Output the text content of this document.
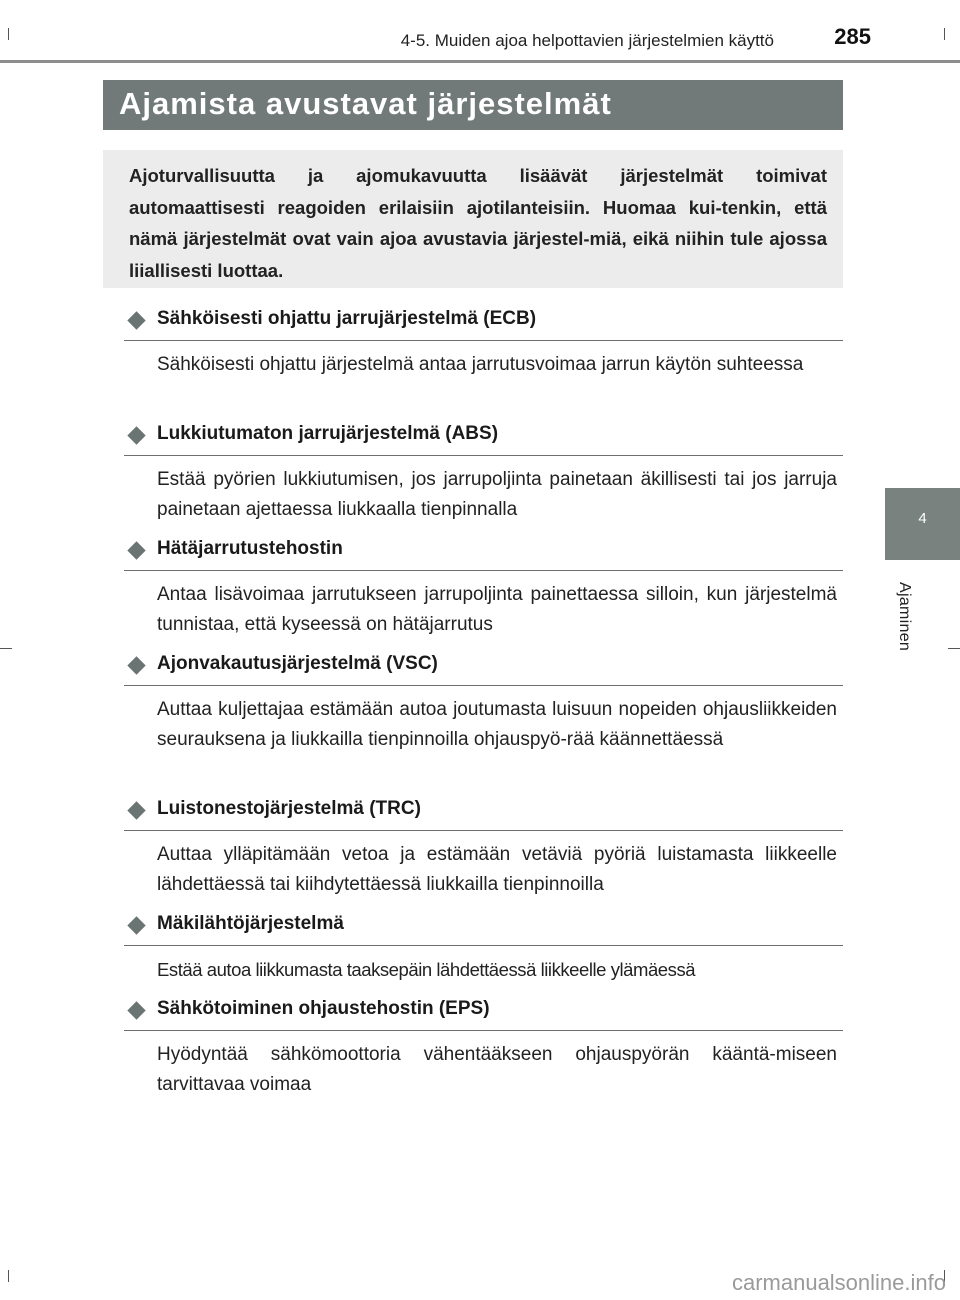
4-5. Muiden ajoa helpottavien järjestelmien käyttö	285
4
Ajaminen
Ajamista avustavat järjestelmät
Ajoturvallisuutta ja ajomukavuutta lisäävät järjestelmät toimivat automaattisesti reagoiden erilaisiin ajotilanteisiin. Huomaa kui-tenkin, että nämä järjestelmät ovat vain ajoa avustavia järjestel-miä, eikä niihin tule ajossa liiallisesti luottaa.
Sähköisesti ohjattu jarrujärjestelmä (ECB)
Sähköisesti ohjattu järjestelmä antaa jarrutusvoimaa jarrun käytön suhteessa
Lukkiutumaton jarrujärjestelmä (ABS)
Estää pyörien lukkiutumisen, jos jarrupoljinta painetaan äkillisesti tai jos jarruja painetaan ajettaessa liukkaalla tienpinnalla
Hätäjarrutustehostin
Antaa lisävoimaa jarrutukseen jarrupoljinta painettaessa silloin, kun järjestelmä tunnistaa, että kyseessä on hätäjarrutus
Ajonvakautusjärjestelmä (VSC)
Auttaa kuljettajaa estämään autoa joutumasta luisuun nopeiden ohjausliikkeiden seurauksena ja liukkailla tienpinnoilla ohjauspyö-rää käännettäessä
Luistonestojärjestelmä (TRC)
Auttaa ylläpitämään vetoa ja estämään vetäviä pyöriä luistamasta liikkeelle lähdettäessä tai kiihdytettäessä liukkailla tienpinnoilla
Mäkilähtöjärjestelmä
Estää autoa liikkumasta taaksepäin lähdettäessä liikkeelle ylämäessä
Sähkötoiminen ohjaustehostin (EPS)
Hyödyntää sähkömoottoria vähentääkseen ohjauspyörän kääntä-miseen tarvittavaa voimaa
carmanualsonline.info
